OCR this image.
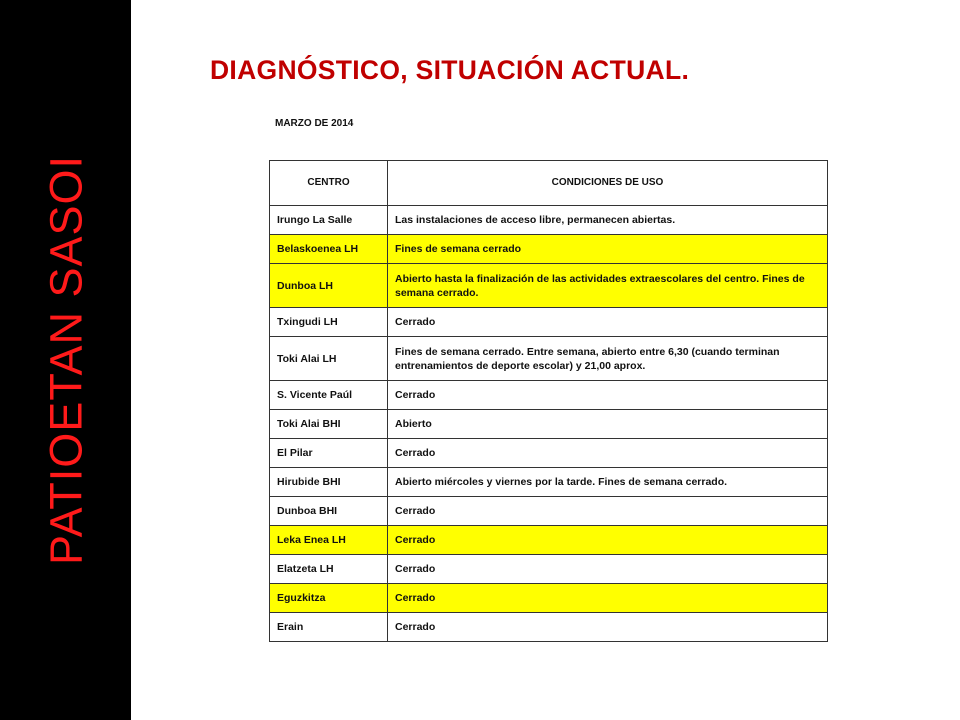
PATIOETAN SASOI
DIAGNÓSTICO, SITUACIÓN ACTUAL.
MARZO DE 2014
CENTRO	CONDICIONES DE USO
Irungo La Salle	Las instalaciones de acceso libre, permanecen abiertas.
Belaskoenea LH	Fines de semana cerrado
Dunboa LH	Abierto hasta la finalización de las actividades extraescolares del centro. Fines de semana cerrado.
Txingudi LH	Cerrado
Toki Alai LH	Fines de semana cerrado. Entre semana, abierto entre 6,30 (cuando terminan entrenamientos de deporte escolar) y 21,00 aprox.
S. Vicente Paúl	Cerrado
Toki Alai BHI	Abierto
El Pilar	Cerrado
Hirubide BHI	Abierto miércoles y viernes por la tarde. Fines de semana cerrado.
Dunboa BHI	Cerrado
Leka Enea LH	Cerrado
Elatzeta LH	Cerrado
Eguzkitza	Cerrado
Erain	Cerrado
